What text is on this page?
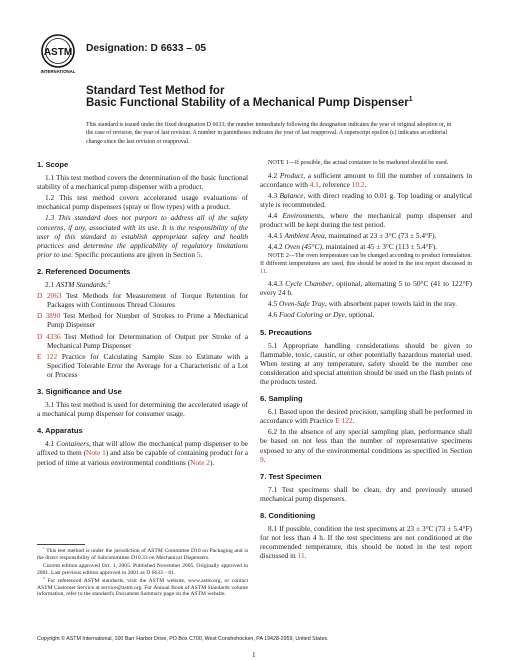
ASTM
INTERNATIONAL
Designation: D 6633 – 05
Standard Test Method for
Basic Functional Stability of a Mechanical Pump Dispenser$^1$
This standard is issued under the fixed designation D 6633; the number immediately following the designation indicates the year of original adoption or, in the case of revision, the year of last revision. A number in parentheses indicates the year of last reapproval. A superscript epsilon (ε) indicates an editorial change since the last revision or reapproval.
1. Scope

1.1 This test method covers the determination of the basic functional stability of a mechanical pump dispenser with a product.

1.2 This test method covers accelerated usage evaluations of mechanical pump dispensers (spray or flow types) with a product.

1.3 This standard does not purport to address all of the safety concerns, if any, associated with its use. It is the responsibility of the user of this standard to establish appropriate safety and health practices and determine the applicability of regulatory limitations prior to use. Specific precautions are given in Section 5.

2. Referenced Documents

2.1 ASTM Standards:$^2$

D 2063 Test Methods for Measurement of Torque Retention for Packages with Continuous Thread Closures
D 3890 Test Method for Number of Strokes to Prime a Mechanical Pump Dispenser
D 4336 Test Method for Determination of Output per Stroke of a Mechanical Pump Dispenser
E 122 Practice for Calculating Sample Size to Estimate with a Specified Tolerable Error the Average for a Characteristic of a Lot or Process
3. Significance and Use

3.1 This test method is used for determining the accelerated usage of a mechanical pump dispenser for consumer usage.

4. Apparatus

4.1 Containers, that will allow the mechanical pump dispenser to be affixed to them (Note 1) and also be capable of containing product for a period of time at various environmental conditions (Note 2).

$^1$ This test method is under the jurisdiction of ASTM Committee D10 on Packaging and is the direct responsibility of Subcommittee D10.33 on Mechanical Dispensers.

Current edition approved Oct. 1, 2005. Published November 2005. Originally approved in 2001. Last previous edition approved in 2001 as D 6633 – 01.

$^2$ For referenced ASTM standards, visit the ASTM website, www.astm.org, or contact ASTM Customer Service at service@astm.org. For Annual Book of ASTM Standards volume information, refer to the standard's Document Summary page on the ASTM website.

NOTE 1—If possible, the actual container to be marketed should be used.

4.2 Product, a sufficient amount to fill the number of containers in accordance with 4.1, reference 10.2.

4.3 Balance, with direct reading to 0.01 g. Top loading or analytical style is recommended.

4.4 Environments, where the mechanical pump dispenser and product will be kept during the test period.

4.4.1 Ambient Area, maintained at 23 ± 3°C (73 ± 5.4°F).

4.4.2 Oven (45°C), maintained at 45 ± 3°C (113 ± 5.4°F).

NOTE 2—The oven temperature can be changed according to product formulation. If different temperatures are used, this should be noted in the test report discussed in 11.

4.4.3 Cycle Chamber, optional, alternating 5 to 50°C (41 to 122°F) every 24 h.

4.5 Oven-Safe Tray, with absorbent paper towels laid in the tray.

4.6 Food Coloring or Dye, optional.

5. Precautions

5.1 Appropriate handling considerations should be given to flammable, toxic, caustic, or other potentially hazardous material used. When testing at any temperature, safety should be the number one consideration and special attention should be used on the flash points of the products tested.

6. Sampling

6.1 Based upon the desired precision, sampling shall be performed in accordance with Practice E 122.

6.2 In the absence of any special sampling plan, performance shall be based on not less than the number of representative specimens exposed to any of the environmental conditions as specified in Section 9.

7. Test Specimen

7.1 Test specimens shall be clean, dry and previously unused mechanical pump dispensers.

8. Conditioning

8.1 If possible, condition the test specimens at 23 ± 3°C (73 ± 5.4°F) for not less than 4 h. If the test specimens are not conditioned at the recommended temperature, this should be noted in the test report discussed in 11.

Copyright © ASTM International, 100 Barr Harbor Drive, PO Box C700, West Conshohocken, PA 19428-2959, United States.
1
